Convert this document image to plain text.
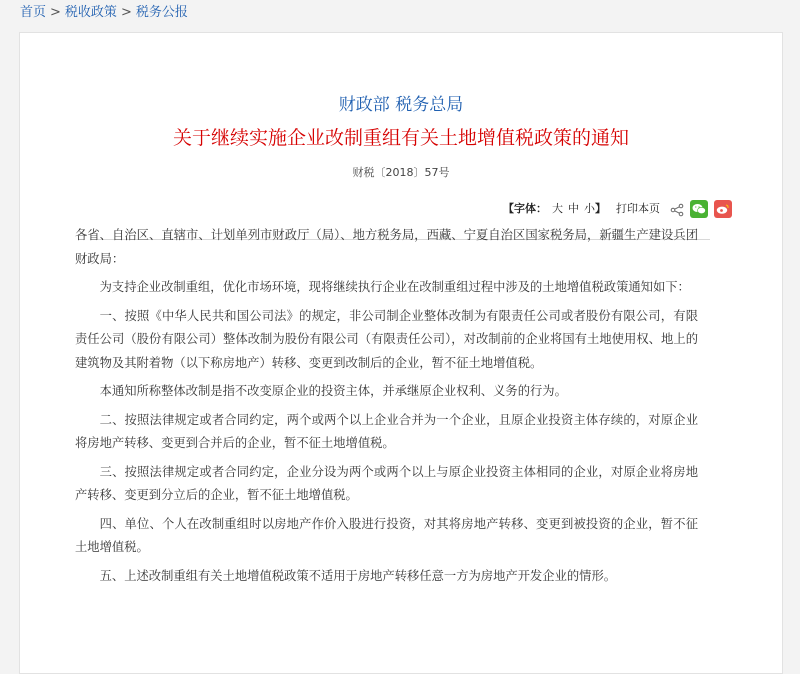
首页 > 税收政策 > 税务公报
财政部 税务总局
关于继续实施企业改制重组有关土地增值税政策的通知
财税〔2018〕57号
【 字体： 大 中 小 】 打印本页

各省、自治区、直辖市、计划单列市财政厅（局）、地方税务局，西藏、宁夏自治区国家税务局，新疆生产建设兵团财政局：

为支持企业改制重组，优化市场环境，现将继续执行企业在改制重组过程中涉及的土地增值税政策通知如下：

一、按照《中华人民共和国公司法》的规定，非公司制企业整体改制为有限责任公司或者股份有限公司，有限责任公司（股份有限公司）整体改制为股份有限公司（有限责任公司），对改制前的企业将国有土地使用权、地上的建筑物及其附着物（以下称房地产）转移、变更到改制后的企业，暂不征土地增值税。

本通知所称整体改制是指不改变原企业的投资主体，并承继原企业权利、义务的行为。

二、按照法律规定或者合同约定，两个或两个以上企业合并为一个企业，且原企业投资主体存续的，对原企业将房地产转移、变更到合并后的企业，暂不征土地增值税。

三、按照法律规定或者合同约定，企业分设为两个或两个以上与原企业投资主体相同的企业，对原企业将房地产转移、变更到分立后的企业，暂不征土地增值税。

四、单位、个人在改制重组时以房地产作价入股进行投资，对其将房地产转移、变更到被投资的企业，暂不征土地增值税。

五、上述改制重组有关土地增值税政策不适用于房地产转移任意一方为房地产开发企业的情形。
